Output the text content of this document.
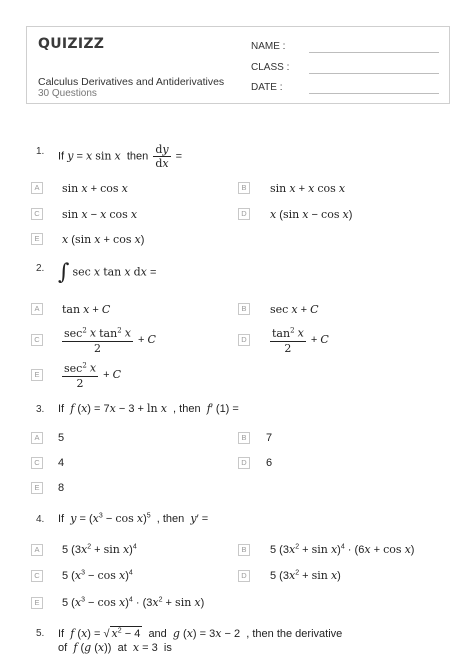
QUIZIZZ
Calculus Derivatives and Antiderivatives
30 Questions
NAME :
CLASS :
DATE :
1. If y = x sin x  then $\frac{dy}{dx}$ =
A	sin x + cos x	B	sin x + x cos x
C sin x − x cos x	D x (sin x − cos x)
E	x (sin x + cos x)
2. ∫ sec x tan x dx =
A	tan x + C	B	sec x + C
C $\frac{\sec^2 x \tan^2 x}{2} + C$	D $\frac{\tan^2 x}{2} + C$
E	$\frac{\sec^2 x}{2} + C$
3. If f (x) = 7x − 3 + ln x , then f′ (1) =
A	5	B	7
C 4	D 6
E	8
4. If $y = (x^3 - \cos x)^5$ , then y′ =
A	5 $(3x^2 + \sin x)^4$	B	5 $(3x^2 + \sin x)^4 \cdot (6x + \cos x)$
C 5 $(x^3 - \cos x)^4$	D 5 $(3x^2 + \sin x)$
E	5 $(x^3 - \cos x)^4 \cdot (3x^2 + \sin x)$
5. If f (x) = √ $x^2 - 4$ and g (x) = 3x − 2  , then the derivative
of f (g (x))  at x = 3  is
